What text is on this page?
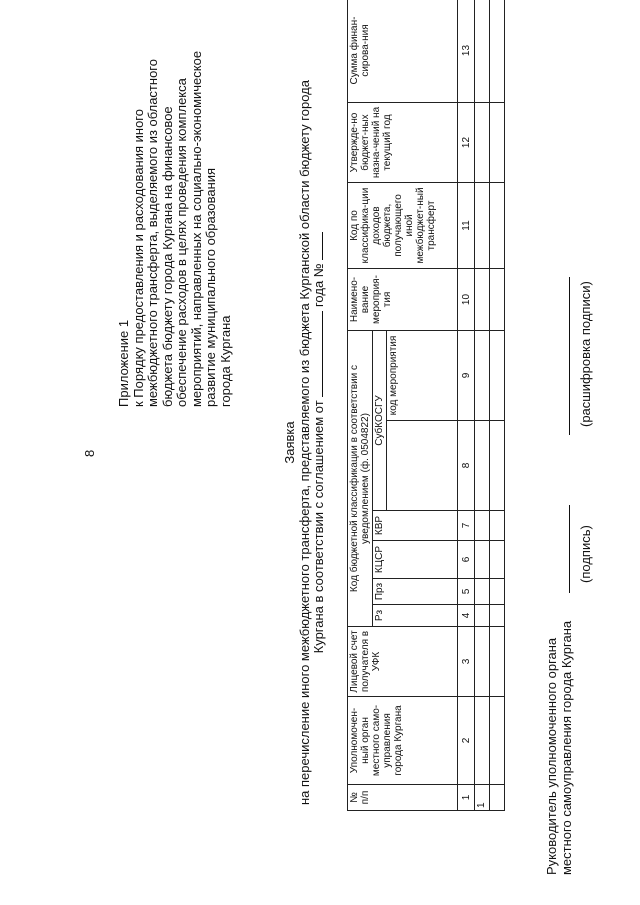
8
Приложение 1 к Порядку предоставления и расходования иного межбюджетного трансферта, выделяемого из областного бюджета бюджету города Кургана на финансовое обеспечение расходов в целях проведения комплекса мероприятий, направленных на социально-экономическое развитие муниципального образования города Кургана
Заявка на перечисление иного межбюджетного трансферта, представляемого из бюджета Курганской области бюджету города Кургана в соответствии с соглашением от  года №
№ п/п	Уполномочен-ный орган местного само-управления города Кургана	Лицевой счет получателя в УФК	Код бюджетной классификации в соответствии с уведомлением (ф. 0504822)						Наимено-вание мероприя-тия	Код по классифика-ции доходов бюджета, получающего иной межбюджет-ный трансферт	Утвержде-но бюджет-ных назна-чений на текущий год	Сумма финан-сирова-ния
			Рз	Прз	КЦСР	КВР	СубКОСГУ					
								код мероприятия				
1	2	3	4	5	6	7	8	9	10	11	12	13
1												
													Руководитель уполномоченного органа местного самоуправления города Кургана
(подпись)
(расшифровка подписи)
